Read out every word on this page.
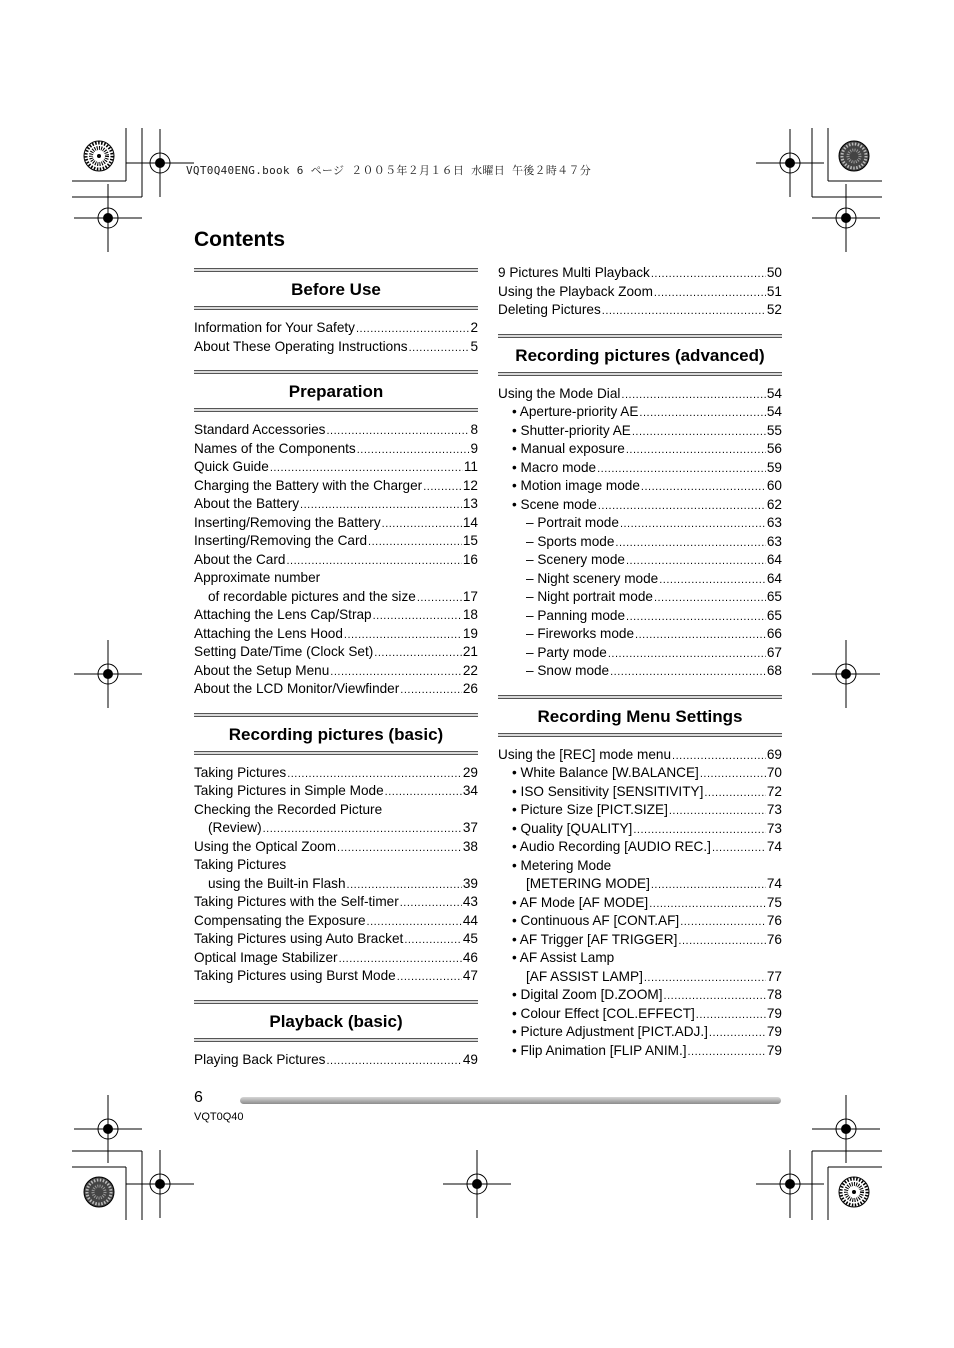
VQT0Q40ENG.book 6 ページ ２００５年２月１６日 水曜日 午後２時４７分
Contents
Before Use
Information for Your Safety .....	2
About These Operating Instructions .....	5
Preparation
Standard Accessories .....	8
Names of the Components .....	9
Quick Guide .....	11
Charging the Battery with the Charger .....	12
About the Battery .....	13
Inserting/Removing the Battery .....	14
Inserting/Removing the Card .....	15
About the Card .....	16
Approximate number
of recordable pictures and the size .....	17
Attaching the Lens Cap/Strap .....	18
Attaching the Lens Hood .....	19
Setting Date/Time (Clock Set) .....	21
About the Setup Menu .....	22
About the LCD Monitor/Viewfinder .....	26
Recording pictures (basic)
Taking Pictures .....	29
Taking Pictures in Simple Mode .....	34
Checking the Recorded Picture
(Review) .....	37
Using the Optical Zoom .....	38
Taking Pictures
using the Built-in Flash .....	39
Taking Pictures with the Self-timer .....	43
Compensating the Exposure .....	44
Taking Pictures using Auto Bracket .....	45
Optical Image Stabilizer .....	46
Taking Pictures using Burst Mode .....	47
Playback (basic)
Playing Back Pictures .....	49
9 Pictures Multi Playback .....	50
Using the Playback Zoom .....	51
Deleting Pictures .....	52
Recording pictures (advanced)
Using the Mode Dial .....	54
• Aperture-priority AE .....	54
• Shutter-priority AE .....	55
• Manual exposure .....	56
• Macro mode .....	59
• Motion image mode .....	60
• Scene mode .....	62
– Portrait mode .....	63
– Sports mode .....	63
– Scenery mode .....	64
– Night scenery mode .....	64
– Night portrait mode .....	65
– Panning mode .....	65
– Fireworks mode .....	66
– Party mode .....	67
– Snow mode .....	68
Recording Menu Settings
Using the [REC] mode menu .....	69
• White Balance [W.BALANCE] .....	70
• ISO Sensitivity [SENSITIVITY] .....	72
• Picture Size [PICT.SIZE] .....	73
• Quality [QUALITY] .....	73
• Audio Recording [AUDIO REC.] .....	74
• Metering Mode
[METERING MODE] .....	74
• AF Mode [AF MODE] .....	75
• Continuous AF [CONT.AF] .....	76
• AF Trigger [AF TRIGGER] .....	76
• AF Assist Lamp
[AF ASSIST LAMP] .....	77
• Digital Zoom [D.ZOOM] .....	78
• Colour Effect [COL.EFFECT] .....	79
• Picture Adjustment [PICT.ADJ.] .....	79
• Flip Animation [FLIP ANIM.] .....	79
6
VQT0Q40
